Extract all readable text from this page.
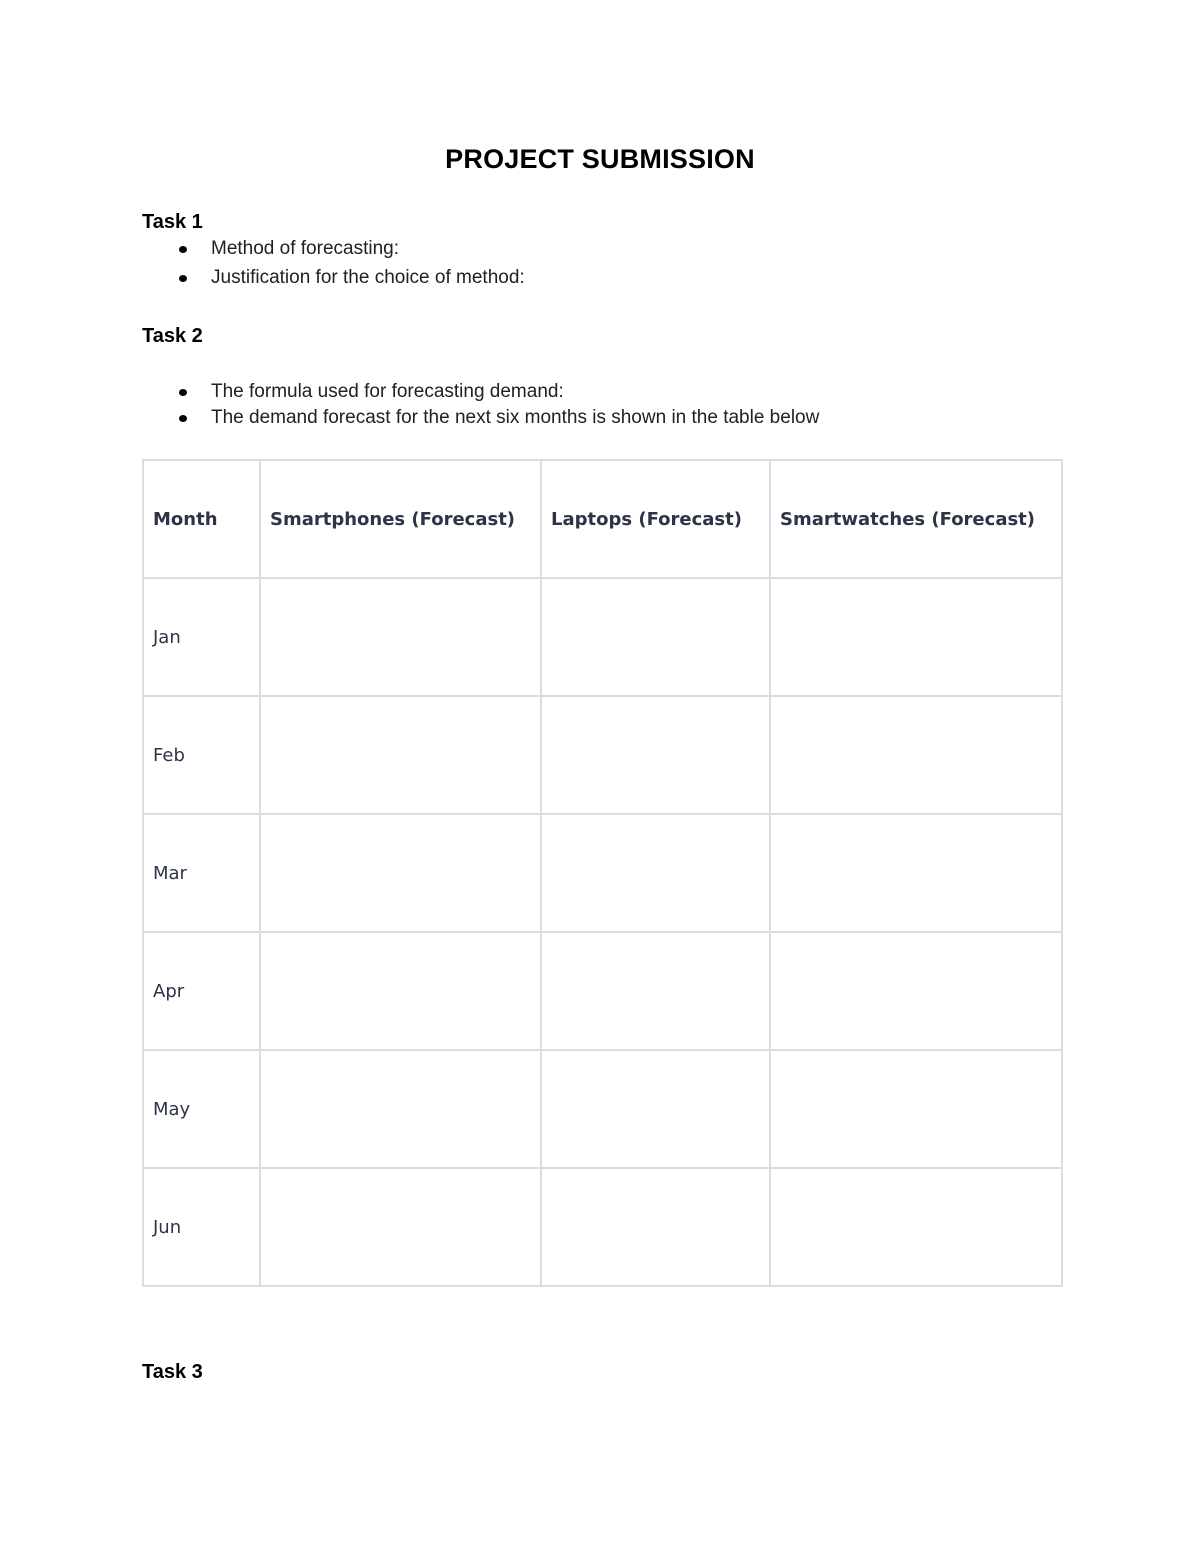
PROJECT SUBMISSION
Task 1
Method of forecasting:
Justification for the choice of method:
Task 2
The formula used for forecasting demand:
The demand forecast for the next six months is shown in the table below
Month	Smartphones (Forecast)	Laptops (Forecast)	Smartwatches (Forecast)
Jan			
Feb			
Mar			
Apr			
May			
Jun			
Task 3
